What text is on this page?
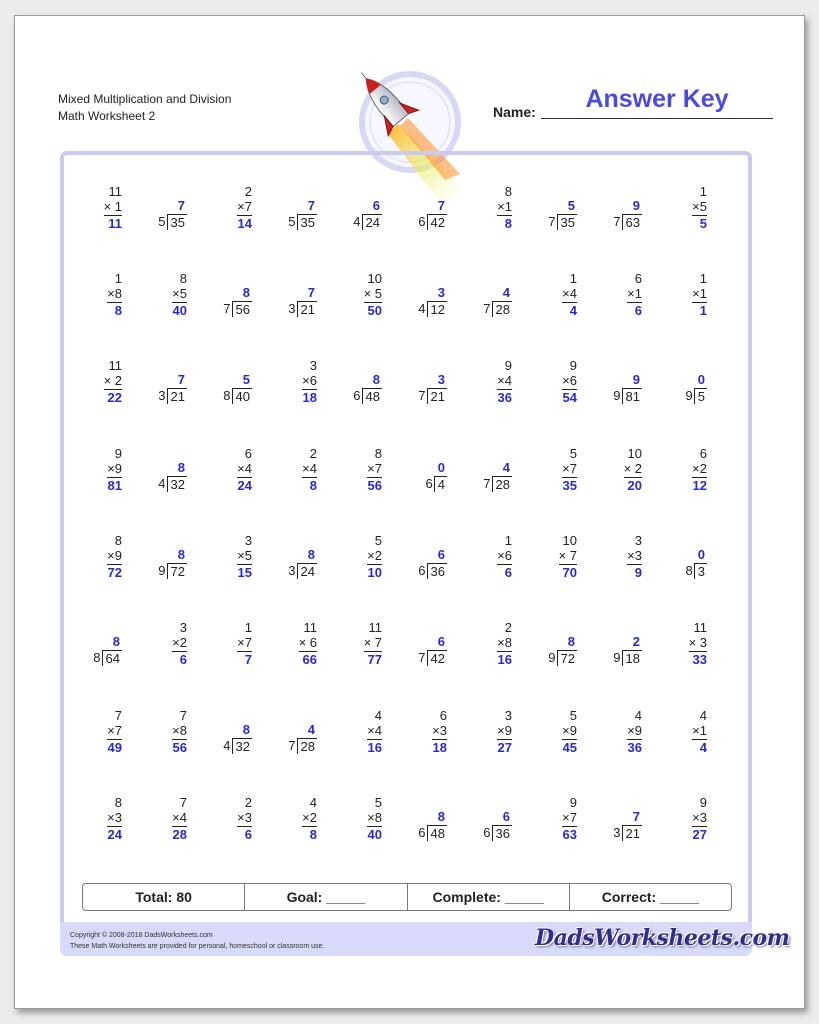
Mixed Multiplication and Division
Math Worksheet 2	Name:	Answer Key
11
× 1
11
7
5 35
2
×7
14
7
5 35
6
4 24
7
6 42
8
×1
8
5
7 35
9
7 63
1
×5
5
1
×8
8
8
×5
40
8
7 56
7
3 21
10
× 5
50
3
4 12
4
7 28
1
×4
4
6
×1
6
1
×1
1
11
× 2
22
7
3 21
5
8 40
3
×6
18
8
6 48
3
7 21
9
×4
36
9
×6
54
9
9 81
0
9 5
9
×9
81
8
4 32
6
×4
24
2
×4
8
8
×7
56
0
6 4
4
7 28
5
×7
35
10
× 2
20
6
×2
12
8
×9
72
8
9 72
3
×5
15
8
3 24
5
×2
10
6
6 36
1
×6
6
10
× 7
70
3
×3
9
0
8 3
8
8 64
3
×2
6
1
×7
7
11
× 6
66
11
× 7
77
6
7 42
2
×8
16
8
9 72
2
9 18
11
× 3
33
7
×7
49
7
×8
56
8
4 32
4
7 28
4
×4
16
6
×3
18
3
×9
27
5
×9
45
4
×9
36
4
×1
4
8
×3
24
7
×4
28
2
×3
6
4
×2
8
5
×8
40
8
6 48
6
6 36
9
×7
63
7
3 21
9
×3
27
Total: 80	Goal: _____	Complete: _____	Correct: _____
Copyright © 2008-2018 DadsWorksheets.com
These Math Worksheets are provided for personal, homeschool or classroom use.	DadsWorksheets.com
